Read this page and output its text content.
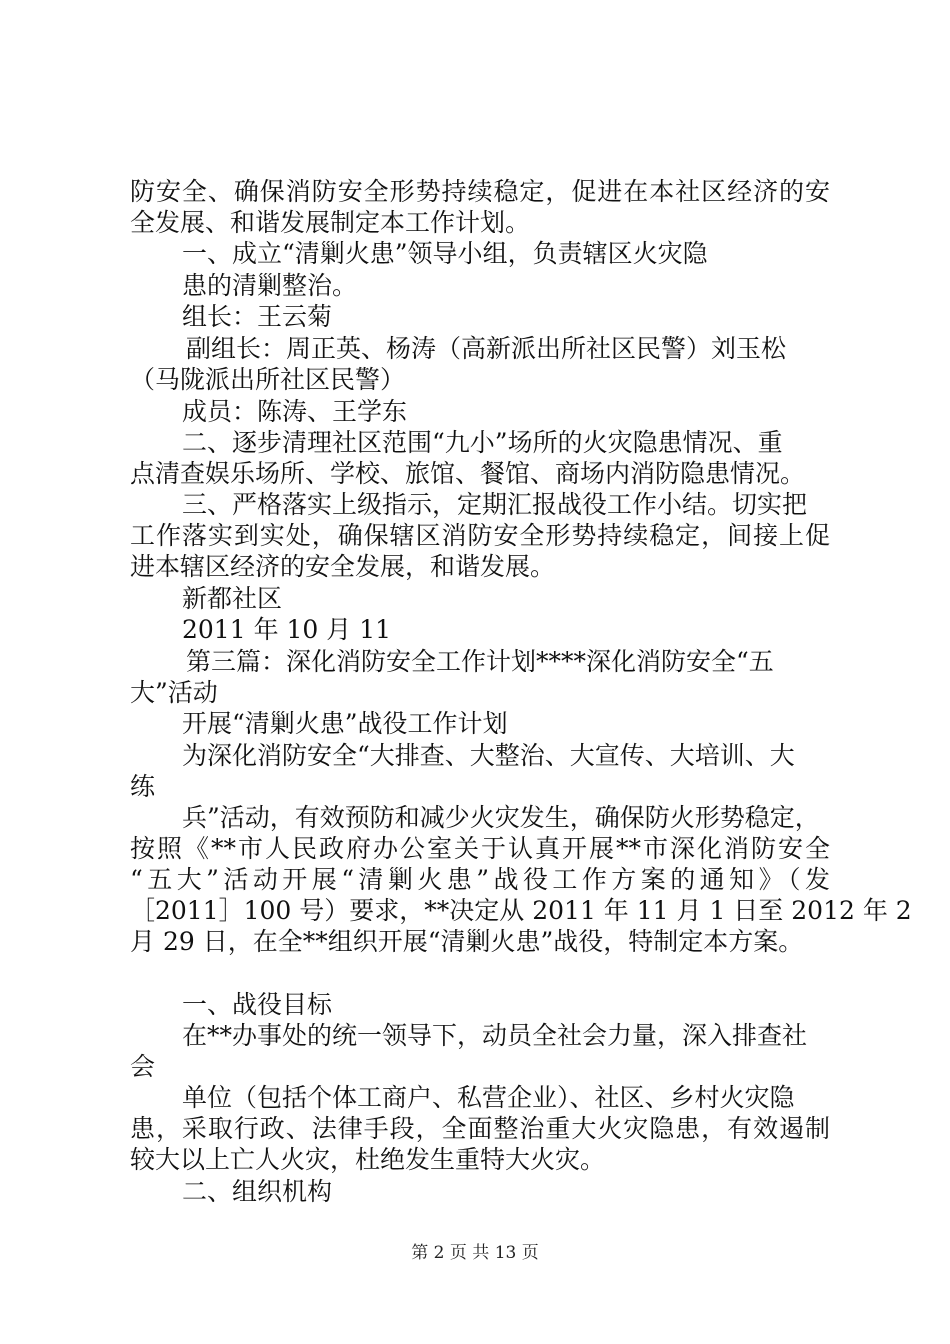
防安全、确保消防安全形势持续稳定，促进在本社区经济的安

全发展、和谐发展制定本工作计划。

一、成立“清剿火患”领导小组，负责辖区火灾隐

患的清剿整治。

组长：王云菊

副组长：周正英、杨涛（高新派出所社区民警）刘玉松

（马陇派出所社区民警）

成员：陈涛、王学东

二、逐步清理社区范围“九小”场所的火灾隐患情况、重

点清查娱乐场所、学校、旅馆、餐馆、商场内消防隐患情况。

三、严格落实上级指示，定期汇报战役工作小结。切实把

工作落实到实处，确保辖区消防安全形势持续稳定，间接上促

进本辖区经济的安全发展，和谐发展。

新都社区

2011 年 10 月 11

第三篇：深化消防安全工作计划****深化消防安全“五

大”活动

开展“清剿火患”战役工作计划

为深化消防安全“大排查、大整治、大宣传、大培训、大

练

兵”活动，有效预防和减少火灾发生，确保防火形势稳定，

按照《**市人民政府办公室关于认真开展**市深化消防安全

“五大”活动开展“清剿火患”战役工作方案的通知》（发

［2011］100 号）要求，**决定从 2011 年 11 月 1 日至 2012 年 2

月 29 日，在全**组织开展“清剿火患”战役，特制定本方案。

一、战役目标

在**办事处的统一领导下，动员全社会力量，深入排查社

会

单位（包括个体工商户、私营企业）、社区、乡村火灾隐

患，采取行政、法律手段，全面整治重大火灾隐患，有效遏制

较大以上亡人火灾，杜绝发生重特大火灾。

二、组织机构

第 2 页 共 13 页
